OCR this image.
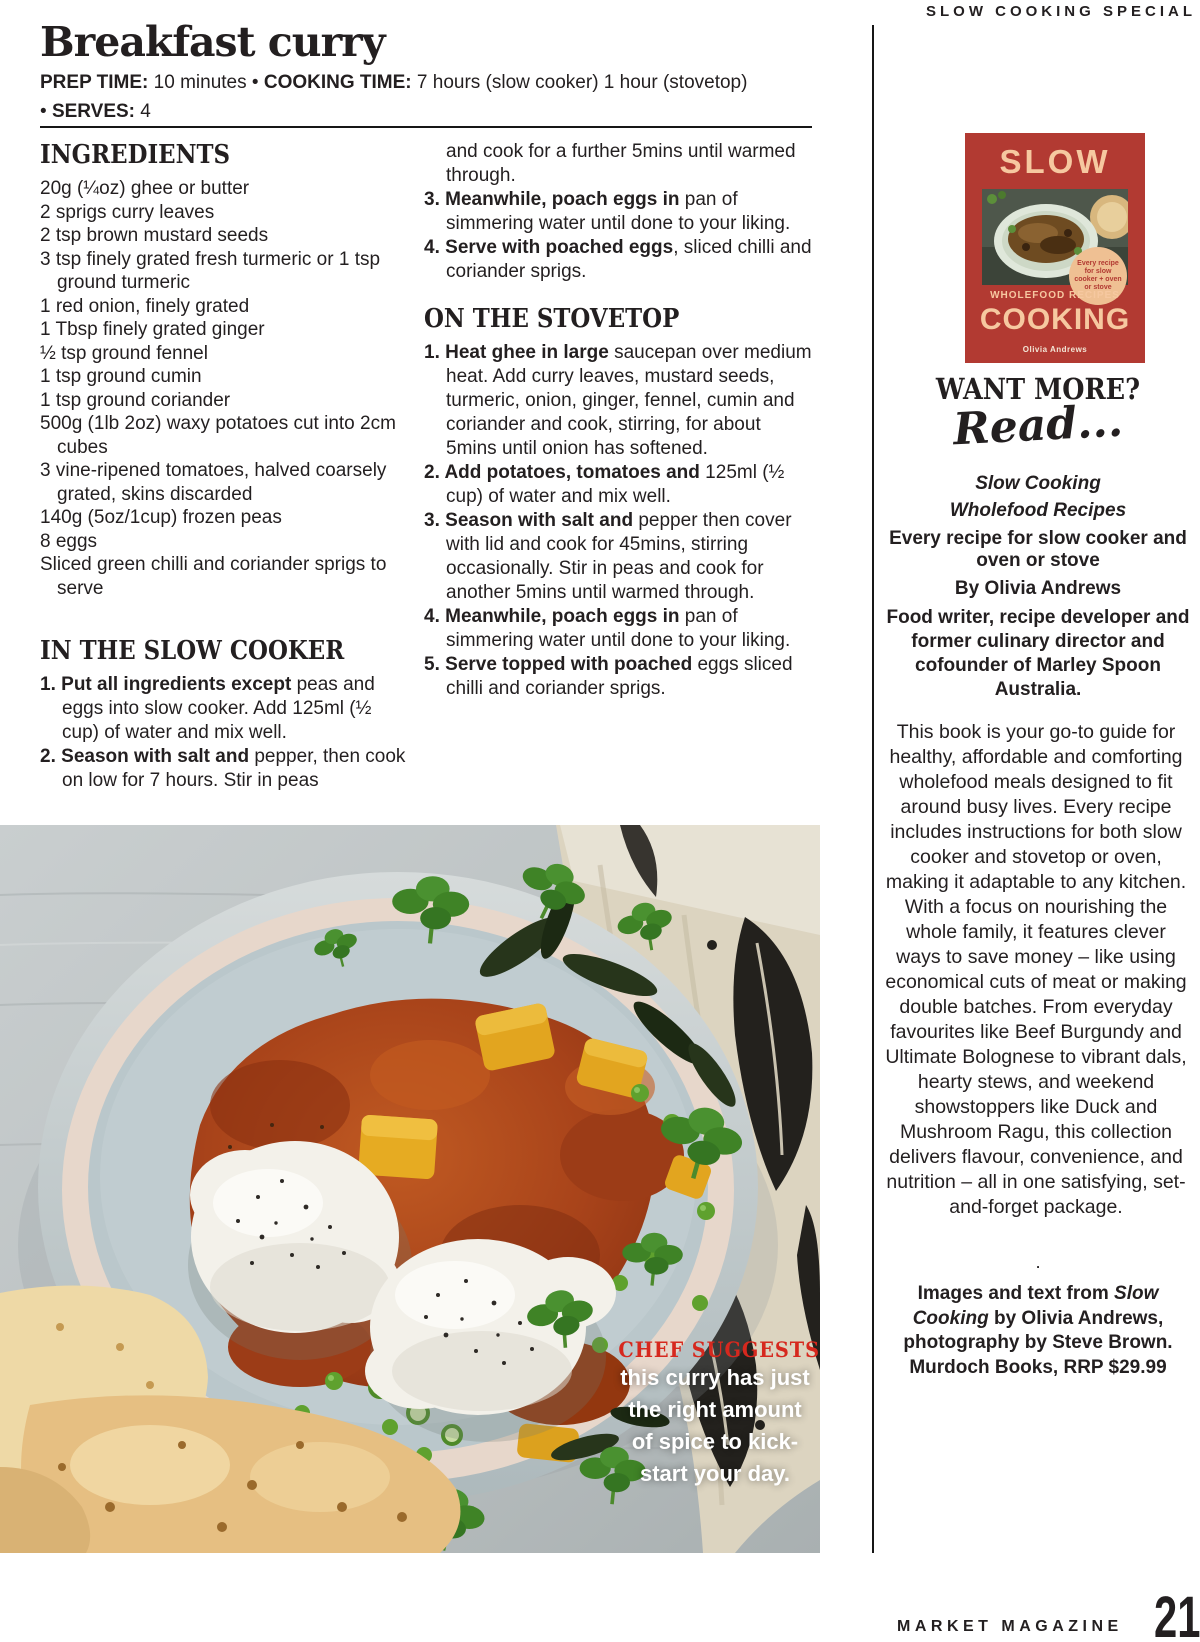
SLOW COOKING SPECIAL
Breakfast curry
PREP TIME: 10 minutes • COOKING TIME: 7 hours (slow cooker) 1 hour (stovetop)
• SERVES: 4
INGREDIENTS
20g (¼oz) ghee or butter
2 sprigs curry leaves
2 tsp brown mustard seeds
3 tsp finely grated fresh turmeric or 1 tsp ground turmeric
1 red onion, finely grated
1 Tbsp finely grated ginger
½ tsp ground fennel
1 tsp ground cumin
1 tsp ground coriander
500g (1lb 2oz) waxy potatoes cut into 2cm cubes
3 vine-ripened tomatoes, halved coarsely grated, skins discarded
140g (5oz/1cup) frozen peas
8 eggs
Sliced green chilli and coriander sprigs to serve
IN THE SLOW COOKER
1. Put all ingredients except peas and eggs into slow cooker. Add 125ml (½ cup) of water and mix well.
2. Season with salt and pepper, then cook on low for 7 hours. Stir in peas
and cook for a further 5mins until warmed through.
3. Meanwhile, poach eggs in pan of simmering water until done to your liking.
4. Serve with poached eggs, sliced chilli and coriander sprigs.
ON THE STOVETOP
1. Heat ghee in large saucepan over medium heat. Add curry leaves, mustard seeds, turmeric, onion, ginger, fennel, cumin and coriander and cook, stirring, for about 5mins until onion has softened.
2. Add potatoes, tomatoes and 125ml (½ cup) of water and mix well.
3. Season with salt and pepper then cover with lid and cook for 45mins, stirring occasionally. Stir in peas and cook for another 5mins until warmed through.
4. Meanwhile, poach eggs in pan of simmering water until done to your liking.
5. Serve topped with poached eggs sliced chilli and coriander sprigs.
CHEF SUGGESTS
this curry has just
the right amount
of spice to kick-
start your day.
SLOW
Every recipe for slow cooker + oven or stove
WHOLEFOOD RECIPES
COOKING
Olivia Andrews
WANT MORE?
Read...
Slow Cooking
Wholefood Recipes
Every recipe for slow cooker and oven or stove
By Olivia Andrews
Food writer, recipe developer and former culinary director and cofounder of Marley Spoon Australia.
This book is your go-to guide for healthy, affordable and comforting wholefood meals designed to fit around busy lives. Every recipe includes instructions for both slow cooker and stovetop or oven, making it adaptable to any kitchen. With a focus on nourishing the whole family, it features clever ways to save money – like using economical cuts of meat or making double batches. From everyday favourites like Beef Burgundy and Ultimate Bolognese to vibrant dals, hearty stews, and weekend showstoppers like Duck and Mushroom Ragu, this collection delivers flavour, convenience, and nutrition – all in one satisfying, set-and-forget package.
.
Images and text from Slow Cooking by Olivia Andrews, photography by Steve Brown. Murdoch Books, RRP $29.99
MARKET MAGAZINE 21
